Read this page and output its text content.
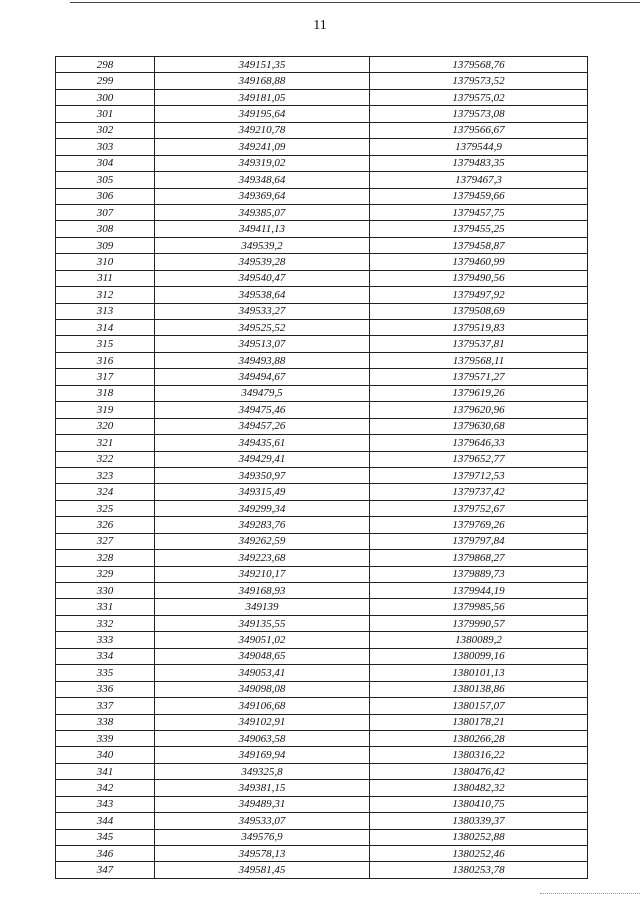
11
298	349151,35	1379568,76
299	349168,88	1379573,52
300	349181,05	1379575,02
301	349195,64	1379573,08
302	349210,78	1379566,67
303	349241,09	1379544,9
304	349319,02	1379483,35
305	349348,64	1379467,3
306	349369,64	1379459,66
307	349385,07	1379457,75
308	349411,13	1379455,25
309	349539,2	1379458,87
310	349539,28	1379460,99
311	349540,47	1379490,56
312	349538,64	1379497,92
313	349533,27	1379508,69
314	349525,52	1379519,83
315	349513,07	1379537,81
316	349493,88	1379568,11
317	349494,67	1379571,27
318	349479,5	1379619,26
319	349475,46	1379620,96
320	349457,26	1379630,68
321	349435,61	1379646,33
322	349429,41	1379652,77
323	349350,97	1379712,53
324	349315,49	1379737,42
325	349299,34	1379752,67
326	349283,76	1379769,26
327	349262,59	1379797,84
328	349223,68	1379868,27
329	349210,17	1379889,73
330	349168,93	1379944,19
331	349139	1379985,56
332	349135,55	1379990,57
333	349051,02	1380089,2
334	349048,65	1380099,16
335	349053,41	1380101,13
336	349098,08	1380138,86
337	349106,68	1380157,07
338	349102,91	1380178,21
339	349063,58	1380266,28
340	349169,94	1380316,22
341	349325,8	1380476,42
342	349381,15	1380482,32
343	349489,31	1380410,75
344	349533,07	1380339,37
345	349576,9	1380252,88
346	349578,13	1380252,46
347	349581,45	1380253,78
